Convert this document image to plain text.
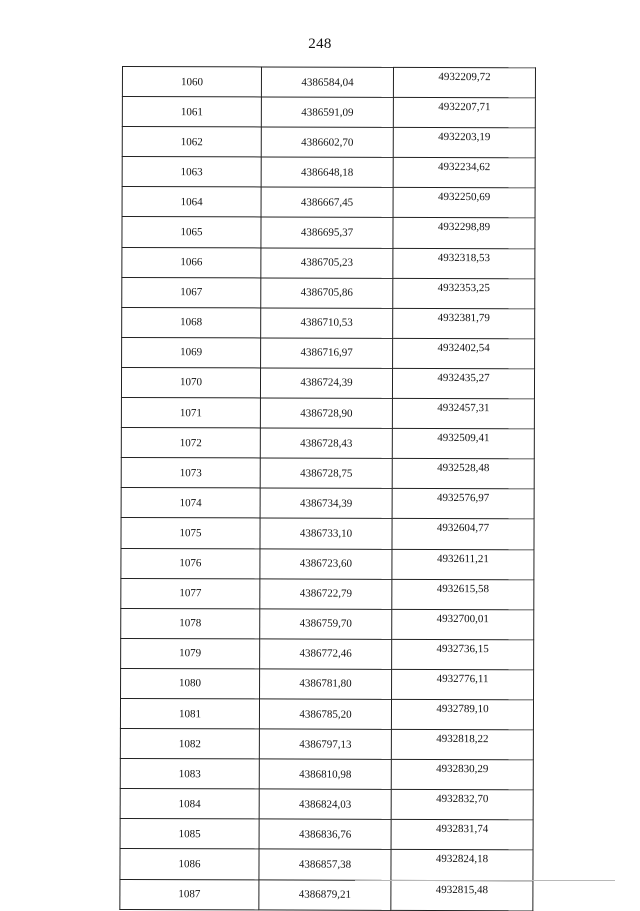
248
1060	4386584,04	4932209,72
1061	4386591,09	4932207,71
1062	4386602,70	4932203,19
1063	4386648,18	4932234,62
1064	4386667,45	4932250,69
1065	4386695,37	4932298,89
1066	4386705,23	4932318,53
1067	4386705,86	4932353,25
1068	4386710,53	4932381,79
1069	4386716,97	4932402,54
1070	4386724,39	4932435,27
1071	4386728,90	4932457,31
1072	4386728,43	4932509,41
1073	4386728,75	4932528,48
1074	4386734,39	4932576,97
1075	4386733,10	4932604,77
1076	4386723,60	4932611,21
1077	4386722,79	4932615,58
1078	4386759,70	4932700,01
1079	4386772,46	4932736,15
1080	4386781,80	4932776,11
1081	4386785,20	4932789,10
1082	4386797,13	4932818,22
1083	4386810,98	4932830,29
1084	4386824,03	4932832,70
1085	4386836,76	4932831,74
1086	4386857,38	4932824,18
1087	4386879,21	4932815,48
